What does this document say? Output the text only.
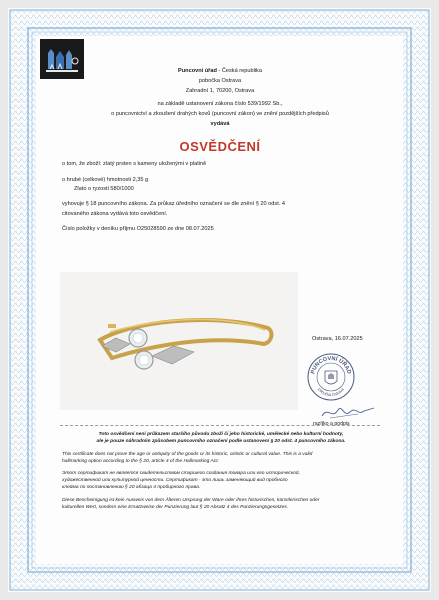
Puncovní úřad - Česká republika
pobočka Ostrava
Zahradní 1, 70200, Ostrava
na základě ustanovení zákona číslo 539/1992 Sb.,
o puncovnictví a zkoušení drahých kovů (puncovní zákon) ve znění pozdějších předpisů
vydává
OSVĚDČENÍ
o tom, že zboží: zlatý prsten s kameny uloženými v platině
o hrubé (celkové) hmotnosti 2,35 g
Zlato o ryzosti 580/1000
vyhovuje § 18 puncovního zákona. Za průkaz úředního označení se dle znění § 20 odst. 4
citovaného zákona vydává toto osvědčení.
Číslo položky v deníku příjmu O25028590 ze dne 08.07.2025
Ostrava, 16.07.2025
PUNCOVNÍ ÚŘAD
pobočka Ostrava
razítko a podpis
Toto osvědčení není průkazem staršího původu zboží či jeho historické, umělecké nebo kulturní hodnoty,
ale je pouze náhradním způsobem puncovního označení podle ustanovení § 20 odst. 4 puncovního zákona.
This certificate does not prove the age or antiquity of the goods or its historic, artistic or cultural value. This is a valid
hallmarking option according to the § 20, article 4 of the Hallmarking Act.
Этот сертификат не является свидетельством старшего создания товара или его исторической,
художественной или культурной ценности. Сертификат - это лишь заменяющий вид пробного
клейма по постановлению § 20 абзаца 4 пробирного права.
Diese Bescheinigung ist kein Ausweis von dem Älteren Ursprung der Ware oder ihres historischen, künstlerischen oder
kulturellen Wert, sondern eine Ersatzweise der Punzierung laut § 20 Absatz 4 des Punzierungsgesetzes.
